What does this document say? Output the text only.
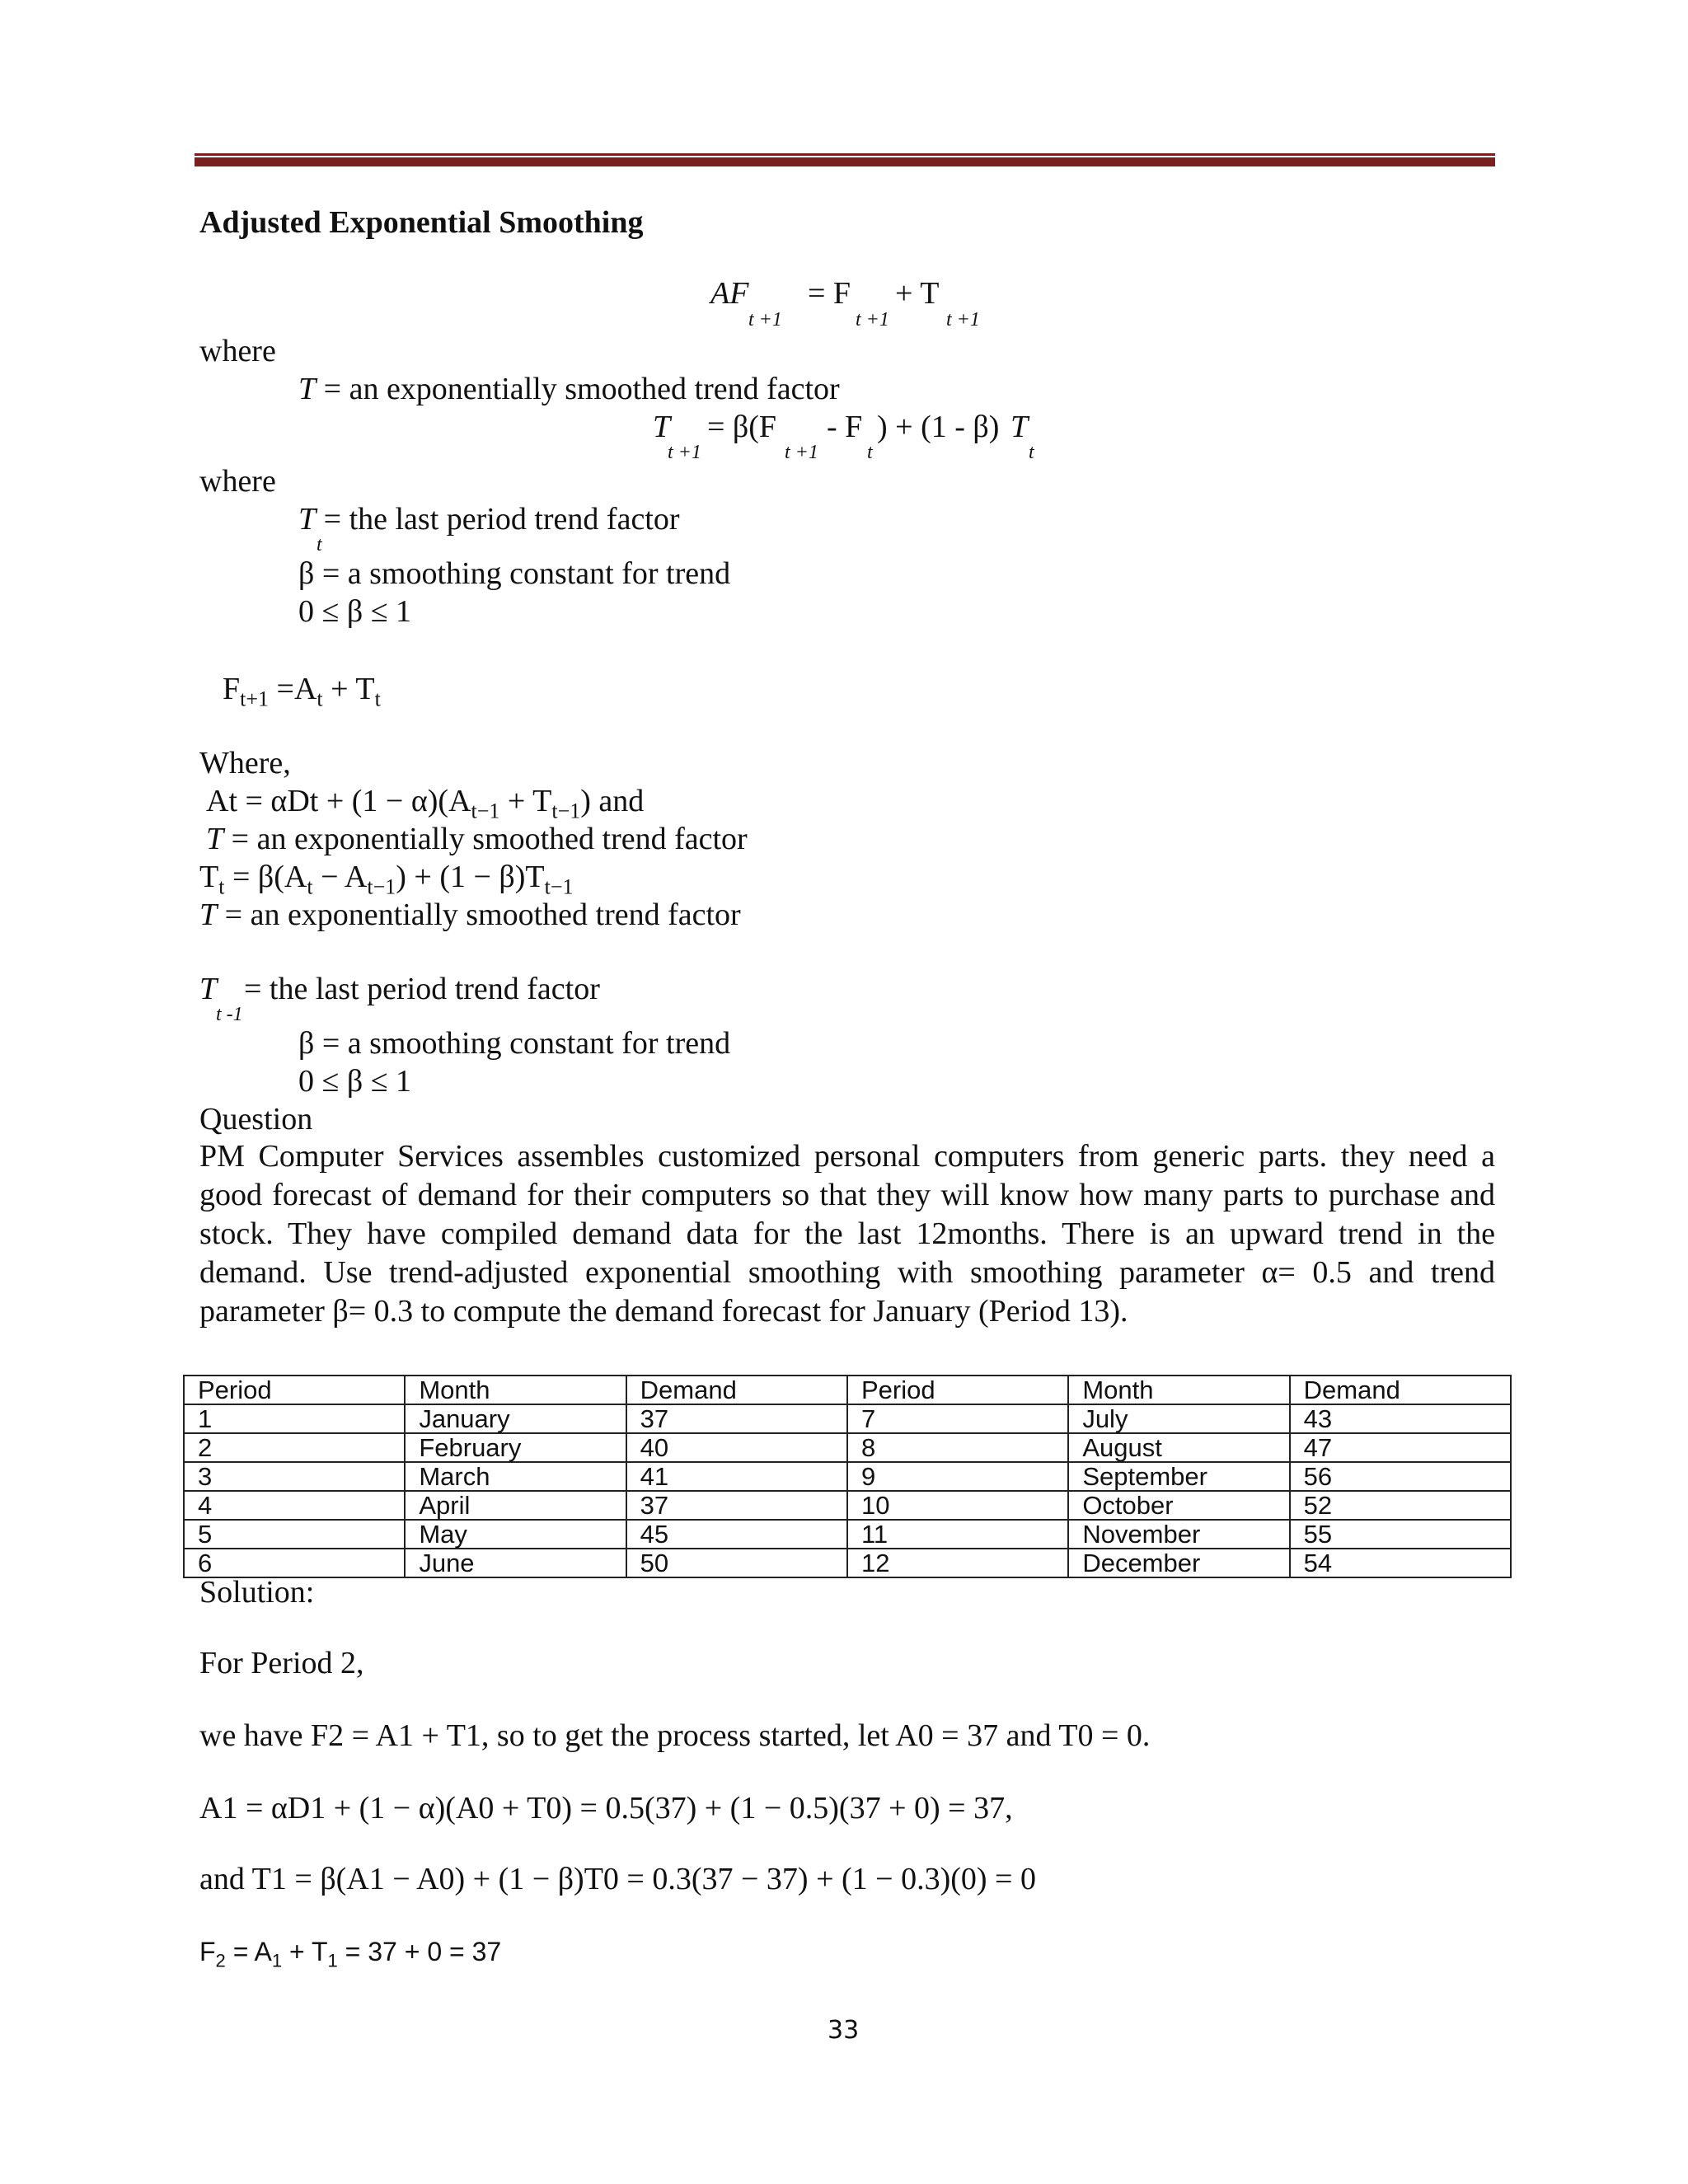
Adjusted Exponential Smoothing
AF = F + T
t +1	t +1	t +1
where
T = an exponentially smoothed trend factor
T = β(F - F ) + (1 - β) T
t +1	t +1 t	t
where
T = the last period trend factor
t
β = a smoothing constant for trend
0 ≤ β ≤ 1
$F_{t+1} =A_t + T_t$
Where,
$At = \alpha Dt + (1 - \alpha)(A_{t-1} + T_{t-1})$ and
T = an exponentially smoothed trend factor
$T_t = \beta(A_t - A_{t-1}) + (1 - \beta)T_{t-1}$
T = an exponentially smoothed trend factor
T = the last period trend factor
t -1
β = a smoothing constant for trend
0 ≤ β ≤ 1
Question
PM Computer Services assembles customized personal computers from generic parts. they need a good forecast of demand for their computers so that they will know how many parts to purchase and stock. They have compiled demand data for the last 12months. There is an upward trend in the demand. Use trend-adjusted exponential smoothing with smoothing parameter α= 0.5 and trend parameter β= 0.3 to compute the demand forecast for January (Period 13).
Period	Month	Demand	Period	Month	Demand
1	January	37	7	July	43
2	February	40	8	August	47
3	March	41	9	September	56
4	April	37	10	October	52
5	May	45	11	November	55
6	June	50	12	December	54
Solution:
For Period 2,
we have F2 = A1 + T1, so to get the process started, let A0 = 37 and T0 = 0.
A1 = αD1 + (1 − α)(A0 + T0) = 0.5(37) + (1 − 0.5)(37 + 0) = 37,
and T1 = β(A1 − A0) + (1 − β)T0 = 0.3(37 − 37) + (1 − 0.3)(0) = 0
$F_2 = A_1 + T_1 = 37 + 0 = 37$
33
